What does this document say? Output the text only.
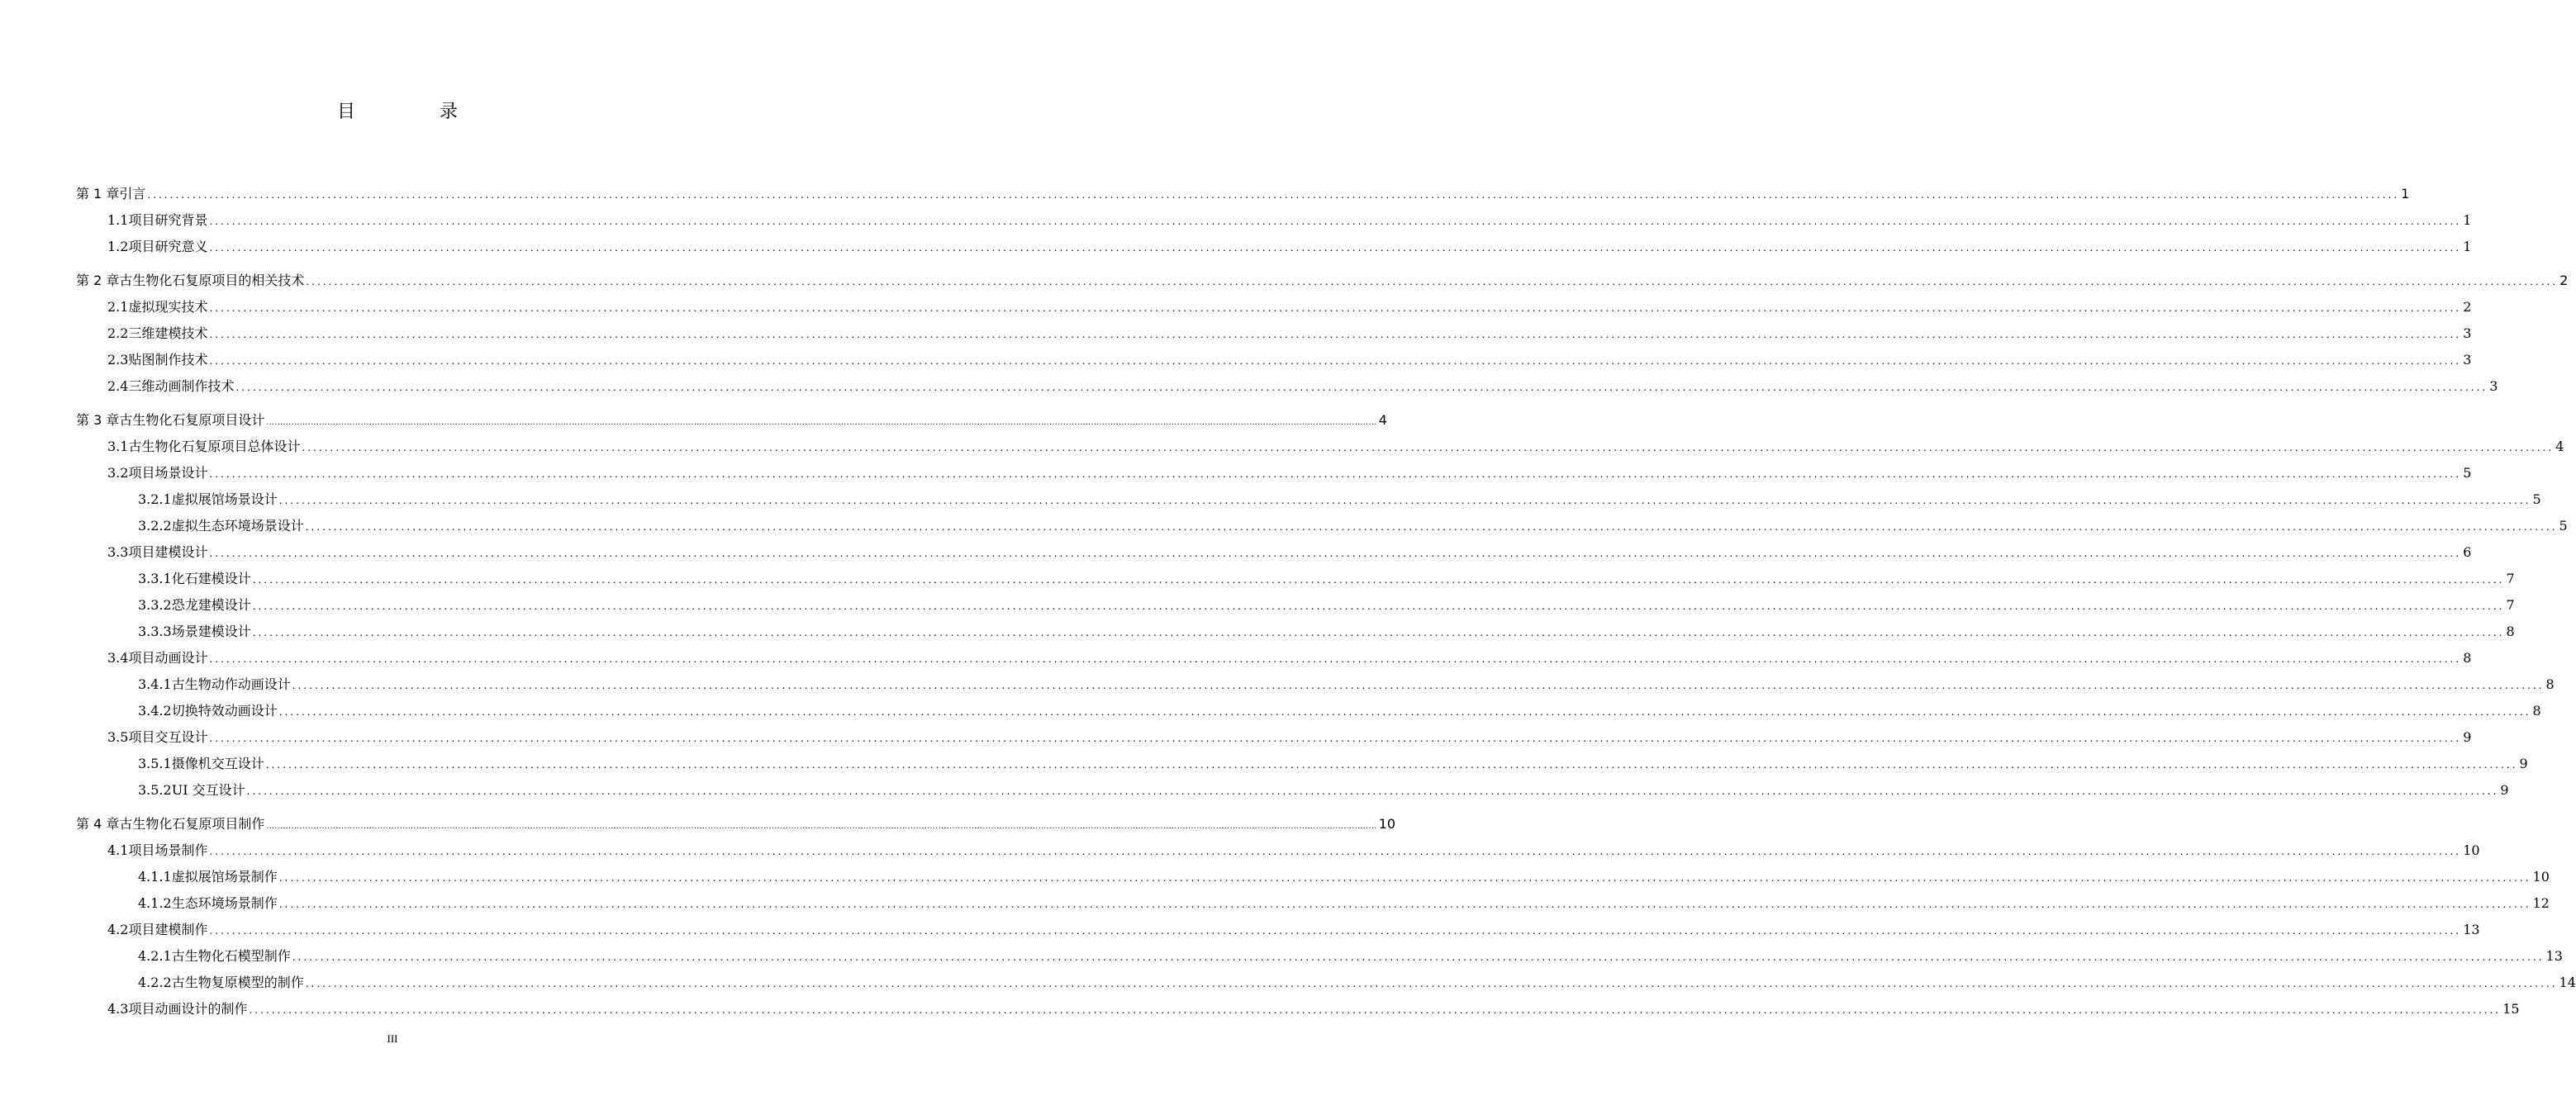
目　录
第 1 章 引言 ................................................................................................................................................................................................................................................................................................................................................................................................................ 1
1.1 项目研究背景 ................................................................................................................................................................................................................................................................................................................................................................................................................ 1
1.2 项目研究意义 ................................................................................................................................................................................................................................................................................................................................................................................................................ 1
第 2 章 古生物化石复原项目的相关技术 ................................................................................................................................................................................................................................................................................................................................................................................................................ 2
2.1 虚拟现实技术 ................................................................................................................................................................................................................................................................................................................................................................................................................ 2
2.2 三维建模技术 ................................................................................................................................................................................................................................................................................................................................................................................................................ 3
2.3 贴图制作技术 ................................................................................................................................................................................................................................................................................................................................................................................................................ 3
2.4 三维动画制作技术 ................................................................................................................................................................................................................................................................................................................................................................................................................ 3
第 3 章 古生物化石复原项目设计 ................................................................................................................................................................................................................................................................................................................................................................................................................ 4
3.1 古生物化石复原项目总体设计 ................................................................................................................................................................................................................................................................................................................................................................................................................ 4
3.2 项目场景设计 ................................................................................................................................................................................................................................................................................................................................................................................................................ 5
3.2.1 虚拟展馆场景设计 ................................................................................................................................................................................................................................................................................................................................................................................................................ 5
3.2.2 虚拟生态环境场景设计 ................................................................................................................................................................................................................................................................................................................................................................................................................ 5
3.3 项目建模设计 ................................................................................................................................................................................................................................................................................................................................................................................................................ 6
3.3.1 化石建模设计 ................................................................................................................................................................................................................................................................................................................................................................................................................ 7
3.3.2 恐龙建模设计 ................................................................................................................................................................................................................................................................................................................................................................................................................ 7
3.3.3 场景建模设计 ................................................................................................................................................................................................................................................................................................................................................................................................................ 8
3.4 项目动画设计 ................................................................................................................................................................................................................................................................................................................................................................................................................ 8
3.4.1 古生物动作动画设计 ................................................................................................................................................................................................................................................................................................................................................................................................................ 8
3.4.2 切换特效动画设计 ................................................................................................................................................................................................................................................................................................................................................................................................................ 8
3.5 项目交互设计 ................................................................................................................................................................................................................................................................................................................................................................................................................ 9
3.5.1 摄像机交互设计 ................................................................................................................................................................................................................................................................................................................................................................................................................ 9
3.5.2 UI 交互设计 ................................................................................................................................................................................................................................................................................................................................................................................................................ 9
第 4 章 古生物化石复原项目制作 ................................................................................................................................................................................................................................................................................................................................................................................................................ 10
4.1 项目场景制作 ................................................................................................................................................................................................................................................................................................................................................................................................................ 10
4.1.1 虚拟展馆场景制作 ................................................................................................................................................................................................................................................................................................................................................................................................................ 10
4.1.2 生态环境场景制作 ................................................................................................................................................................................................................................................................................................................................................................................................................ 12
4.2 项目建模制作 ................................................................................................................................................................................................................................................................................................................................................................................................................ 13
4.2.1 古生物化石模型制作 ................................................................................................................................................................................................................................................................................................................................................................................................................ 13
4.2.2 古生物复原模型的制作 ................................................................................................................................................................................................................................................................................................................................................................................................................ 14
4.3 项目动画设计的制作 ................................................................................................................................................................................................................................................................................................................................................................................................................ 15
III
